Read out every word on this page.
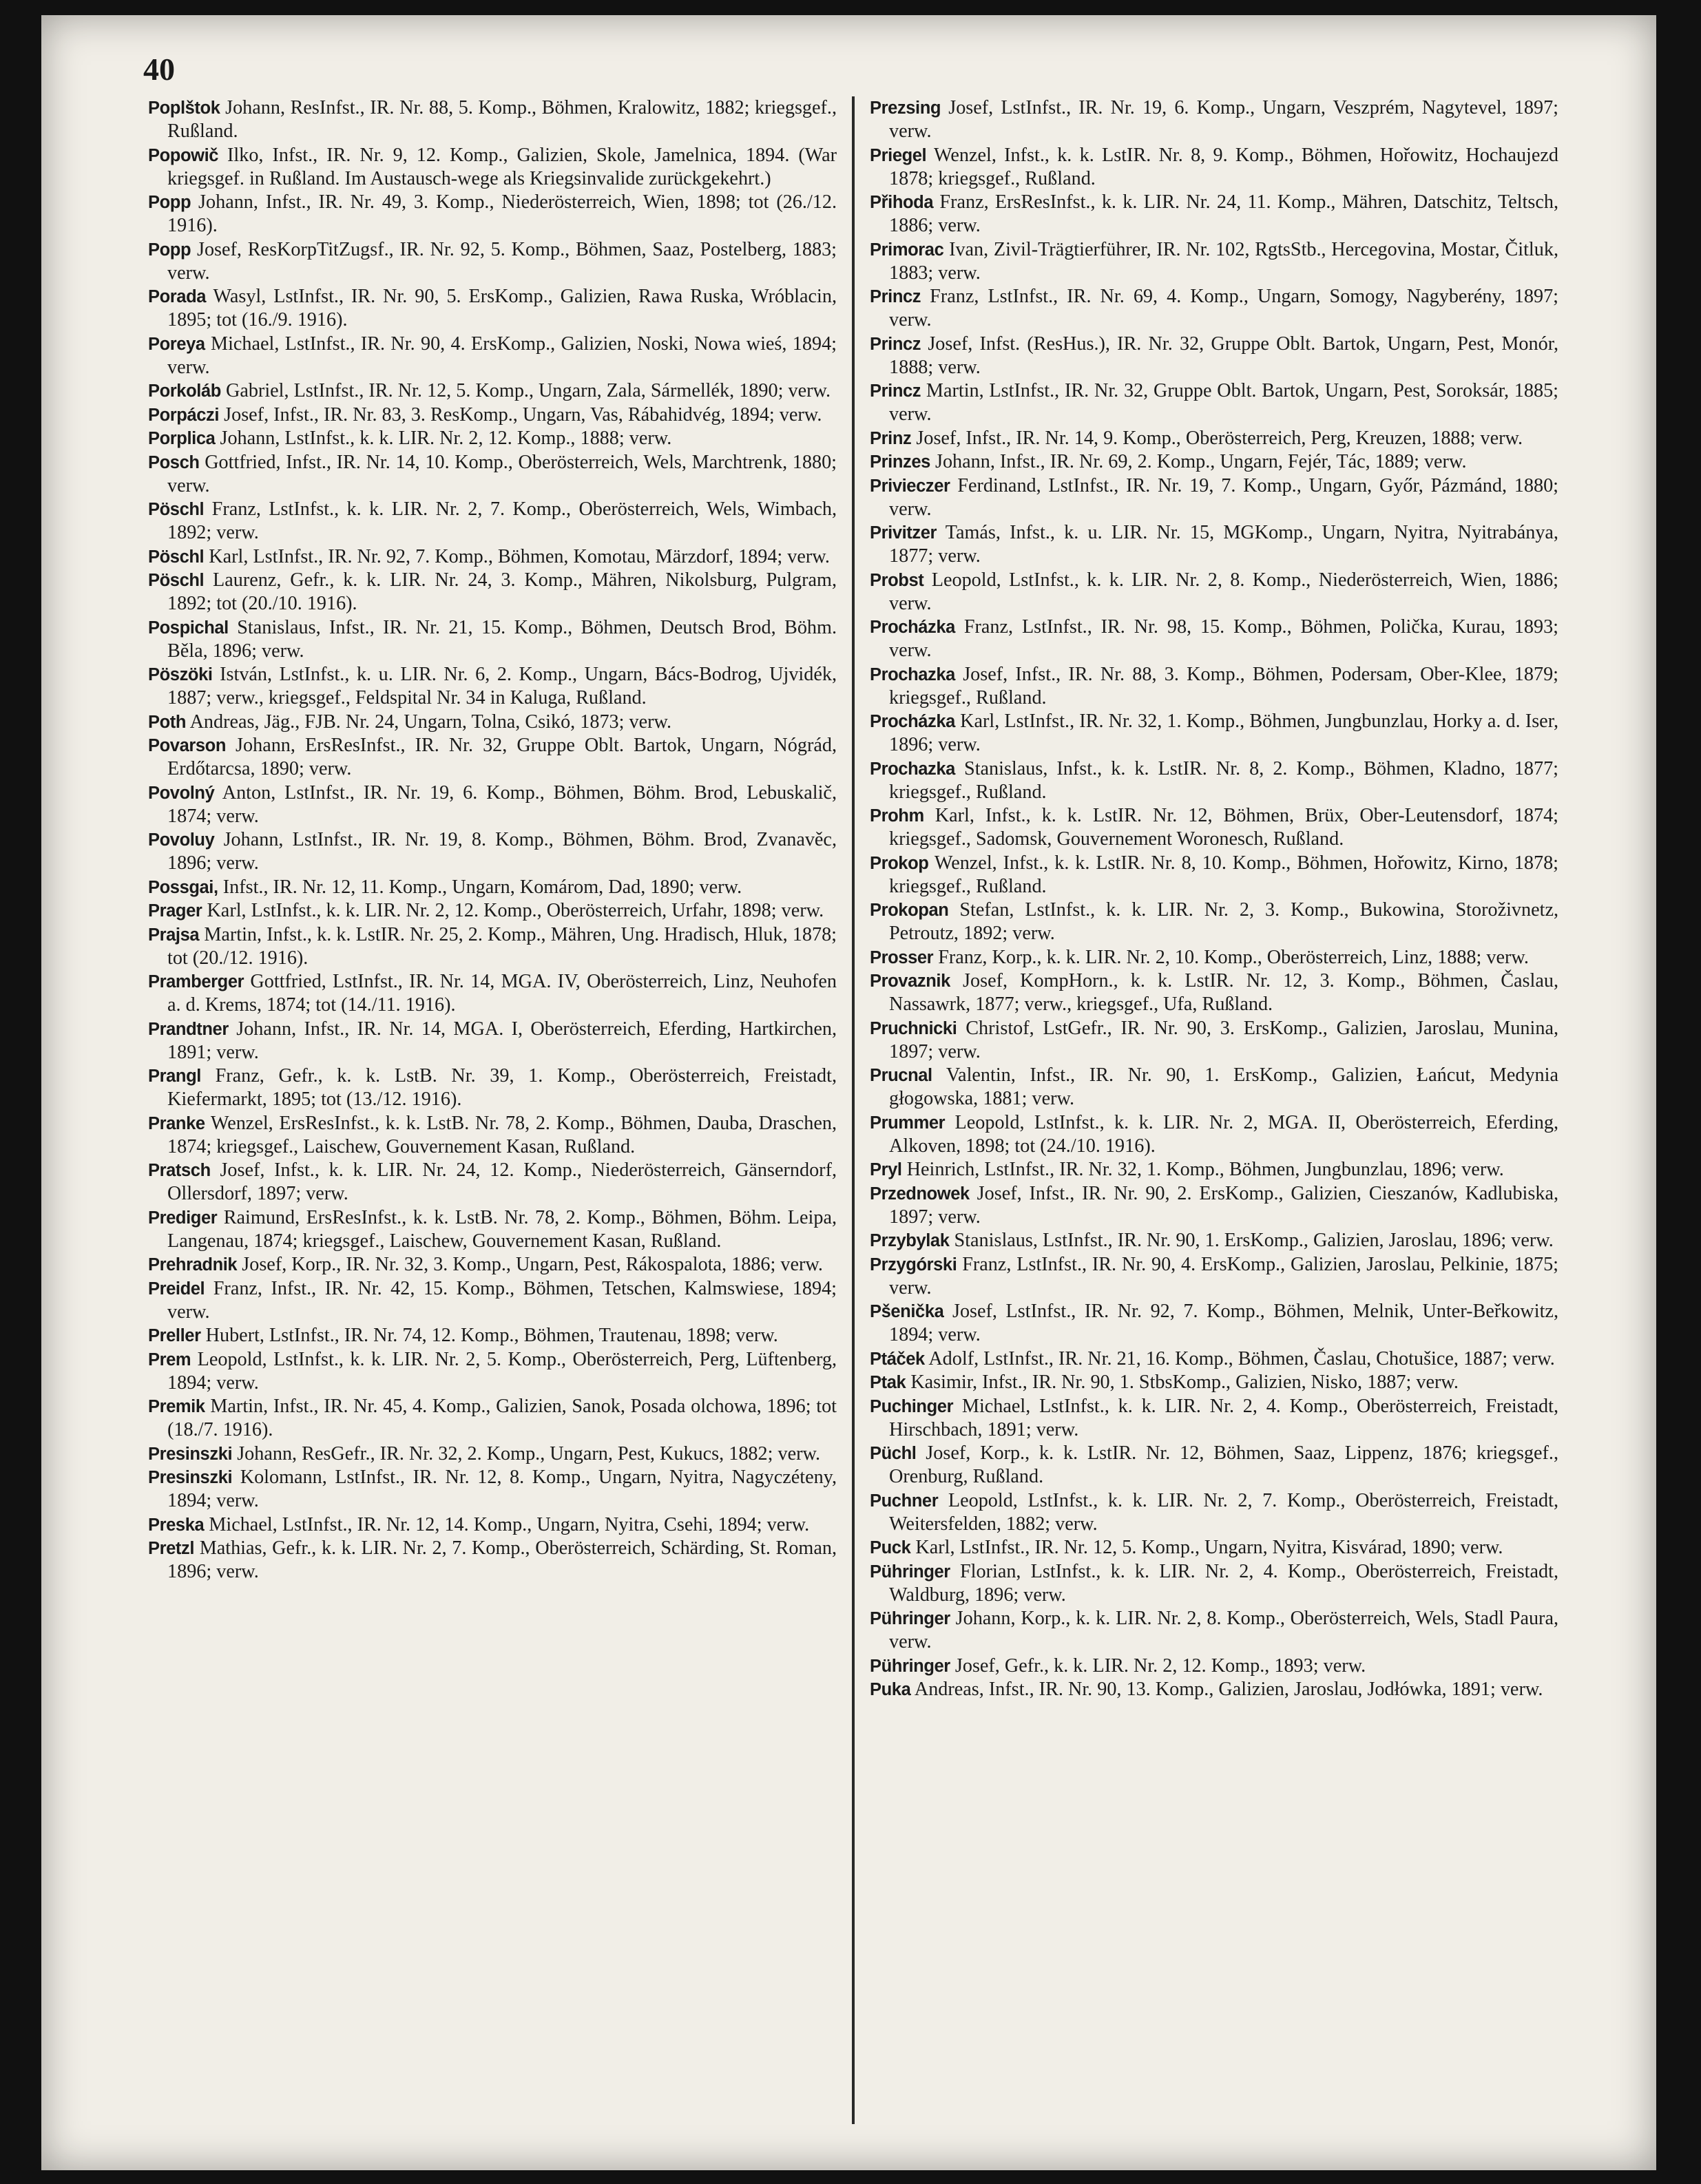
40

Poplštok Johann, ResInfst., IR. Nr. 88, 5. Komp., Böhmen, Kralowitz, 1882; kriegsgef., Rußland.

Popowič Ilko, Infst., IR. Nr. 9, 12. Komp., Galizien, Skole, Jamelnica, 1894. (War kriegsgef. in Rußland. Im Austausch-wege als Kriegsinvalide zurückgekehrt.)

Popp Johann, Infst., IR. Nr. 49, 3. Komp., Niederösterreich, Wien, 1898; tot (26./12. 1916).

Popp Josef, ResKorpTitZugsf., IR. Nr. 92, 5. Komp., Böhmen, Saaz, Postelberg, 1883; verw.

Porada Wasyl, LstInfst., IR. Nr. 90, 5. ErsKomp., Galizien, Rawa Ruska, Wróblacin, 1895; tot (16./9. 1916).

Poreya Michael, LstInfst., IR. Nr. 90, 4. ErsKomp., Galizien, Noski, Nowa wieś, 1894; verw.

Porkoláb Gabriel, LstInfst., IR. Nr. 12, 5. Komp., Ungarn, Zala, Sármellék, 1890; verw.

Porpáczi Josef, Infst., IR. Nr. 83, 3. ResKomp., Ungarn, Vas, Rábahidvég, 1894; verw.

Porplica Johann, LstInfst., k. k. LIR. Nr. 2, 12. Komp., 1888; verw.

Posch Gottfried, Infst., IR. Nr. 14, 10. Komp., Oberösterreich, Wels, Marchtrenk, 1880; verw.

Pöschl Franz, LstInfst., k. k. LIR. Nr. 2, 7. Komp., Oberösterreich, Wels, Wimbach, 1892; verw.

Pöschl Karl, LstInfst., IR. Nr. 92, 7. Komp., Böhmen, Komotau, Märzdorf, 1894; verw.

Pöschl Laurenz, Gefr., k. k. LIR. Nr. 24, 3. Komp., Mähren, Nikolsburg, Pulgram, 1892; tot (20./10. 1916).

Pospichal Stanislaus, Infst., IR. Nr. 21, 15. Komp., Böhmen, Deutsch Brod, Böhm. Běla, 1896; verw.

Pöszöki István, LstInfst., k. u. LIR. Nr. 6, 2. Komp., Ungarn, Bács-Bodrog, Ujvidék, 1887; verw., kriegsgef., Feldspital Nr. 34 in Kaluga, Rußland.

Poth Andreas, Jäg., FJB. Nr. 24, Ungarn, Tolna, Csikó, 1873; verw.

Povarson Johann, ErsResInfst., IR. Nr. 32, Gruppe Oblt. Bartok, Ungarn, Nógrád, Erdőtarcsa, 1890; verw.

Povolný Anton, LstInfst., IR. Nr. 19, 6. Komp., Böhmen, Böhm. Brod, Lebuskalič, 1874; verw.

Povoluy Johann, LstInfst., IR. Nr. 19, 8. Komp., Böhmen, Böhm. Brod, Zvanavěc, 1896; verw.

Possgai, Infst., IR. Nr. 12, 11. Komp., Ungarn, Komárom, Dad, 1890; verw.

Prager Karl, LstInfst., k. k. LIR. Nr. 2, 12. Komp., Oberösterreich, Urfahr, 1898; verw.

Prajsa Martin, Infst., k. k. LstIR. Nr. 25, 2. Komp., Mähren, Ung. Hradisch, Hluk, 1878; tot (20./12. 1916).

Pramberger Gottfried, LstInfst., IR. Nr. 14, MGA. IV, Oberösterreich, Linz, Neuhofen a. d. Krems, 1874; tot (14./11. 1916).

Prandtner Johann, Infst., IR. Nr. 14, MGA. I, Oberösterreich, Eferding, Hartkirchen, 1891; verw.

Prangl Franz, Gefr., k. k. LstB. Nr. 39, 1. Komp., Oberösterreich, Freistadt, Kiefermarkt, 1895; tot (13./12. 1916).

Pranke Wenzel, ErsResInfst., k. k. LstB. Nr. 78, 2. Komp., Böhmen, Dauba, Draschen, 1874; kriegsgef., Laischew, Gouvernement Kasan, Rußland.

Pratsch Josef, Infst., k. k. LIR. Nr. 24, 12. Komp., Niederösterreich, Gänserndorf, Ollersdorf, 1897; verw.

Prediger Raimund, ErsResInfst., k. k. LstB. Nr. 78, 2. Komp., Böhmen, Böhm. Leipa, Langenau, 1874; kriegsgef., Laischew, Gouvernement Kasan, Rußland.

Prehradnik Josef, Korp., IR. Nr. 32, 3. Komp., Ungarn, Pest, Rákospalota, 1886; verw.

Preidel Franz, Infst., IR. Nr. 42, 15. Komp., Böhmen, Tetschen, Kalmswiese, 1894; verw.

Preller Hubert, LstInfst., IR. Nr. 74, 12. Komp., Böhmen, Trautenau, 1898; verw.

Prem Leopold, LstInfst., k. k. LIR. Nr. 2, 5. Komp., Oberösterreich, Perg, Lüftenberg, 1894; verw.

Premik Martin, Infst., IR. Nr. 45, 4. Komp., Galizien, Sanok, Posada olchowa, 1896; tot (18./7. 1916).

Presinszki Johann, ResGefr., IR. Nr. 32, 2. Komp., Ungarn, Pest, Kukucs, 1882; verw.

Presinszki Kolomann, LstInfst., IR. Nr. 12, 8. Komp., Ungarn, Nyitra, Nagyczéteny, 1894; verw.

Preska Michael, LstInfst., IR. Nr. 12, 14. Komp., Ungarn, Nyitra, Csehi, 1894; verw.

Pretzl Mathias, Gefr., k. k. LIR. Nr. 2, 7. Komp., Oberösterreich, Schärding, St. Roman, 1896; verw.

Prezsing Josef, LstInfst., IR. Nr. 19, 6. Komp., Ungarn, Veszprém, Nagytevel, 1897; verw.

Priegel Wenzel, Infst., k. k. LstIR. Nr. 8, 9. Komp., Böhmen, Hořowitz, Hochaujezd 1878; kriegsgef., Rußland.

Přihoda Franz, ErsResInfst., k. k. LIR. Nr. 24, 11. Komp., Mähren, Datschitz, Teltsch, 1886; verw.

Primorac Ivan, Zivil-Trägtierführer, IR. Nr. 102, RgtsStb., Hercegovina, Mostar, Čitluk, 1883; verw.

Princz Franz, LstInfst., IR. Nr. 69, 4. Komp., Ungarn, Somogy, Nagyberény, 1897; verw.

Princz Josef, Infst. (ResHus.), IR. Nr. 32, Gruppe Oblt. Bartok, Ungarn, Pest, Monór, 1888; verw.

Princz Martin, LstInfst., IR. Nr. 32, Gruppe Oblt. Bartok, Ungarn, Pest, Soroksár, 1885; verw.

Prinz Josef, Infst., IR. Nr. 14, 9. Komp., Oberösterreich, Perg, Kreuzen, 1888; verw.

Prinzes Johann, Infst., IR. Nr. 69, 2. Komp., Ungarn, Fejér, Tác, 1889; verw.

Privieczer Ferdinand, LstInfst., IR. Nr. 19, 7. Komp., Ungarn, Győr, Pázmánd, 1880; verw.

Privitzer Tamás, Infst., k. u. LIR. Nr. 15, MGKomp., Ungarn, Nyitra, Nyitrabánya, 1877; verw.

Probst Leopold, LstInfst., k. k. LIR. Nr. 2, 8. Komp., Niederösterreich, Wien, 1886; verw.

Procházka Franz, LstInfst., IR. Nr. 98, 15. Komp., Böhmen, Polička, Kurau, 1893; verw.

Prochazka Josef, Infst., IR. Nr. 88, 3. Komp., Böhmen, Podersam, Ober-Klee, 1879; kriegsgef., Rußland.

Procházka Karl, LstInfst., IR. Nr. 32, 1. Komp., Böhmen, Jungbunzlau, Horky a. d. Iser, 1896; verw.

Prochazka Stanislaus, Infst., k. k. LstIR. Nr. 8, 2. Komp., Böhmen, Kladno, 1877; kriegsgef., Rußland.

Prohm Karl, Infst., k. k. LstIR. Nr. 12, Böhmen, Brüx, Ober-Leutensdorf, 1874; kriegsgef., Sadomsk, Gouvernement Woronesch, Rußland.

Prokop Wenzel, Infst., k. k. LstIR. Nr. 8, 10. Komp., Böhmen, Hořowitz, Kirno, 1878; kriegsgef., Rußland.

Prokopan Stefan, LstInfst., k. k. LIR. Nr. 2, 3. Komp., Bukowina, Storoživnetz, Petroutz, 1892; verw.

Prosser Franz, Korp., k. k. LIR. Nr. 2, 10. Komp., Oberösterreich, Linz, 1888; verw.

Provaznik Josef, KompHorn., k. k. LstIR. Nr. 12, 3. Komp., Böhmen, Časlau, Nassawrk, 1877; verw., kriegsgef., Ufa, Rußland.

Pruchnicki Christof, LstGefr., IR. Nr. 90, 3. ErsKomp., Galizien, Jaroslau, Munina, 1897; verw.

Prucnal Valentin, Infst., IR. Nr. 90, 1. ErsKomp., Galizien, Łańcut, Medynia głogowska, 1881; verw.

Prummer Leopold, LstInfst., k. k. LIR. Nr. 2, MGA. II, Oberösterreich, Eferding, Alkoven, 1898; tot (24./10. 1916).

Pryl Heinrich, LstInfst., IR. Nr. 32, 1. Komp., Böhmen, Jungbunzlau, 1896; verw.

Przednowek Josef, Infst., IR. Nr. 90, 2. ErsKomp., Galizien, Cieszanów, Kadlubiska, 1897; verw.

Przybylak Stanislaus, LstInfst., IR. Nr. 90, 1. ErsKomp., Galizien, Jaroslau, 1896; verw.

Przygórski Franz, LstInfst., IR. Nr. 90, 4. ErsKomp., Galizien, Jaroslau, Pelkinie, 1875; verw.

Pšenička Josef, LstInfst., IR. Nr. 92, 7. Komp., Böhmen, Melnik, Unter-Beřkowitz, 1894; verw.

Ptáček Adolf, LstInfst., IR. Nr. 21, 16. Komp., Böhmen, Časlau, Chotušice, 1887; verw.

Ptak Kasimir, Infst., IR. Nr. 90, 1. StbsKomp., Galizien, Nisko, 1887; verw.

Puchinger Michael, LstInfst., k. k. LIR. Nr. 2, 4. Komp., Oberösterreich, Freistadt, Hirschbach, 1891; verw.

Püchl Josef, Korp., k. k. LstIR. Nr. 12, Böhmen, Saaz, Lippenz, 1876; kriegsgef., Orenburg, Rußland.

Puchner Leopold, LstInfst., k. k. LIR. Nr. 2, 7. Komp., Oberösterreich, Freistadt, Weitersfelden, 1882; verw.

Puck Karl, LstInfst., IR. Nr. 12, 5. Komp., Ungarn, Nyitra, Kisvárad, 1890; verw.

Pühringer Florian, LstInfst., k. k. LIR. Nr. 2, 4. Komp., Oberösterreich, Freistadt, Waldburg, 1896; verw.

Pühringer Johann, Korp., k. k. LIR. Nr. 2, 8. Komp., Oberösterreich, Wels, Stadl Paura, verw.

Pühringer Josef, Gefr., k. k. LIR. Nr. 2, 12. Komp., 1893; verw.

Puka Andreas, Infst., IR. Nr. 90, 13. Komp., Galizien, Jaroslau, Jodłówka, 1891; verw.
